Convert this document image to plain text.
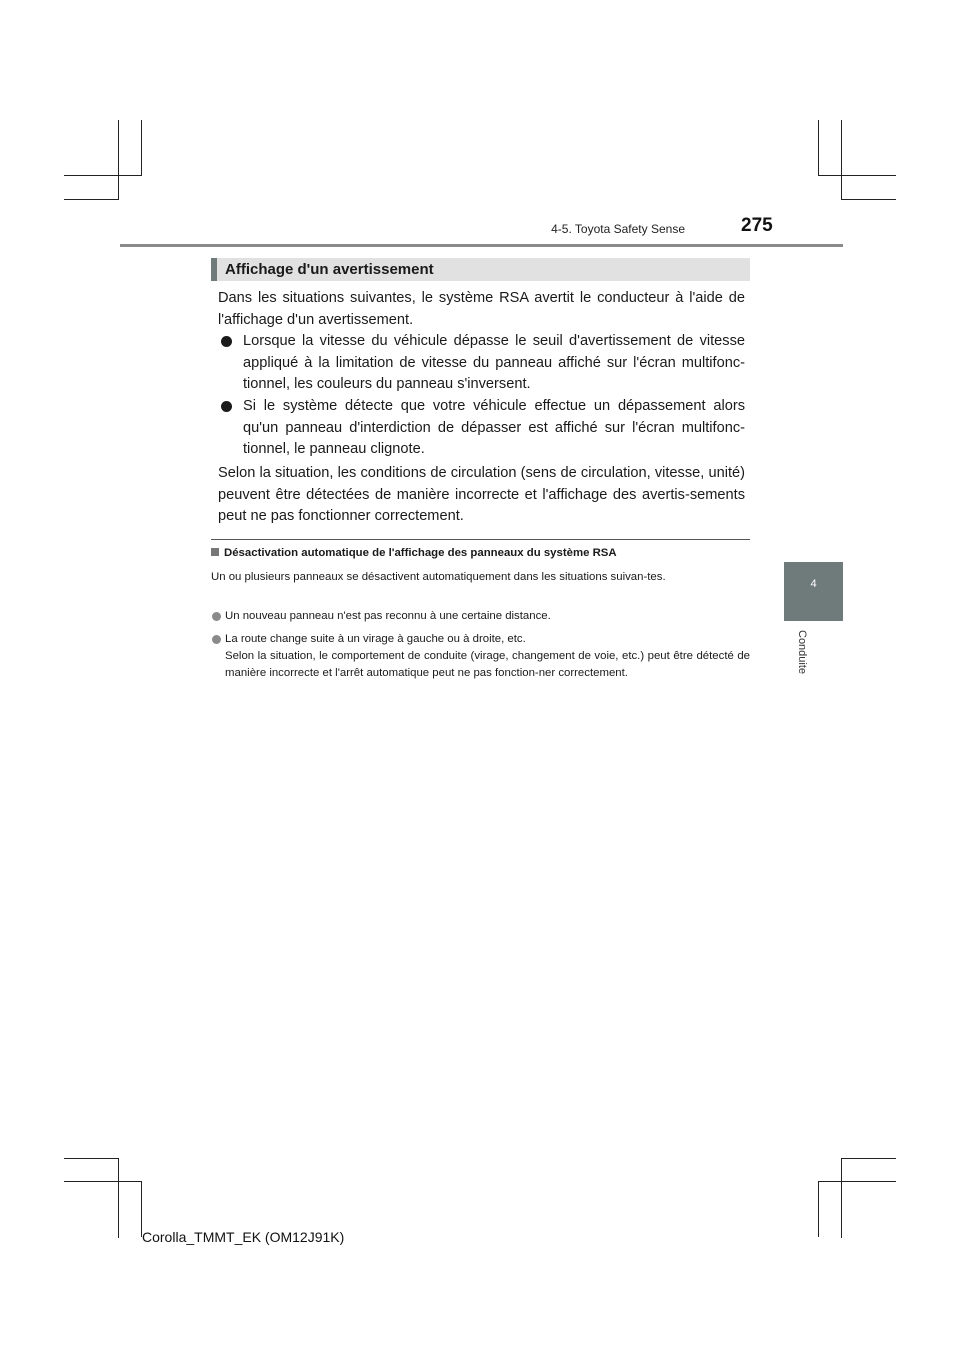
4-5. Toyota Safety Sense	275
4
Conduite
Affichage d'un avertissement
Dans les situations suivantes, le système RSA avertit le conducteur à l'aide de l'affichage d'un avertissement.
Lorsque la vitesse du véhicule dépasse le seuil d'avertissement de vitesse appliqué à la limitation de vitesse du panneau affiché sur l'écran multifonc-tionnel, les couleurs du panneau s'inversent.
Si le système détecte que votre véhicule effectue un dépassement alors qu'un panneau d'interdiction de dépasser est affiché sur l'écran multifonc-tionnel, le panneau clignote.
Selon la situation, les conditions de circulation (sens de circulation, vitesse, unité) peuvent être détectées de manière incorrecte et l'affichage des avertis-sements peut ne pas fonctionner correctement.
Désactivation automatique de l'affichage des panneaux du système RSA
Un ou plusieurs panneaux se désactivent automatiquement dans les situations suivan-tes.
Un nouveau panneau n'est pas reconnu à une certaine distance.
La route change suite à un virage à gauche ou à droite, etc.
Selon la situation, le comportement de conduite (virage, changement de voie, etc.) peut être détecté de manière incorrecte et l'arrêt automatique peut ne pas fonction-ner correctement.
Corolla_TMMT_EK (OM12J91K)
